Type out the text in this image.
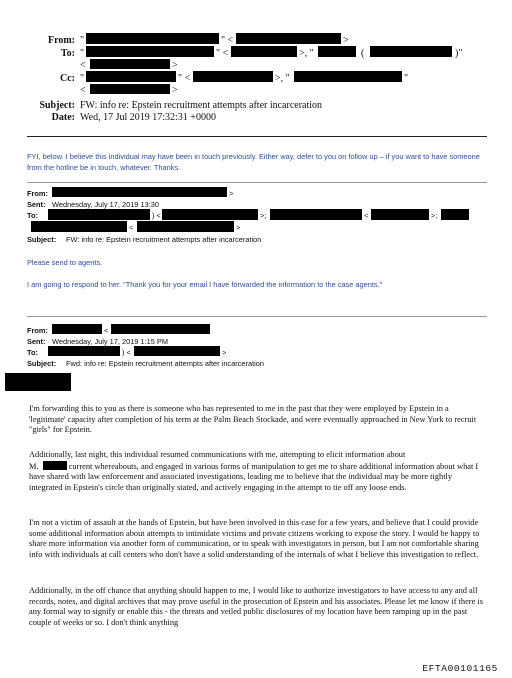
From: "	" <	>
To: "	" <	>, "	(	)"
<	>
Cc: "	" <	>, "	"
<	>
Subject: FW: info re: Epstein recruitment attempts after incarceration
Date: Wed, 17 Jul 2019 17:32:31 +0000
FYI, below. I believe this individual may have been in touch previously. Either way, defer to you on follow up – if you want to have someone from the hotline be in touch, whatever. Thanks.
From:	>
Sent: Wednesday, July 17, 2019 13:30
To:	) <	>;	<	>;
<	>
Subject: FW: info re: Epstein recruitment attempts after incarceration
Please send to agents.
I am going to respond to her. "Thank you for your email I have forwarded the information to the case agents."
From:	<
Sent: Wednesday, July 17, 2019 1:15 PM
To:	) <	>
Subject: Fwd: info re: Epstein recruitment attempts after incarceration
I'm forwarding this to you as there is someone who has represented to me in the past that they were employed by Epstein in a 'legitimate' capacity after completion of his term at the Palm Beach Stockade, and were eventually approached in New York to recruit "girls" for Epstein.
Additionally, last night, this individual resumed communications with me, attempting to elicit information about
M.	current whereabouts, and engaged in various forms of manipulation to get me to share additional information about what I have shared with law enforcement and associated investigations, leading me to believe that the individual may be more tightly integrated in Epstein's circle than originally stated, and actively engaging in the attempt to tie off any loose ends.
I'm not a victim of assault at the hands of Epstein, but have been involved in this case for a few years, and believe that I could provide some additional information about attempts to intimidate victims and private citizens working to expose the story. I would be happy to share more information via another form of communication, or to speak with investigators in person, but I am not comfortable sharing info with individuals at call centers who don't have a solid understanding of the internals of what I believe this investigation to reflect.
Additionally, in the off chance that anything should happen to me, I would like to authorize investigators to have access to any and all records, notes, and digital archives that may prove useful in the prosecution of Epstein and his associates. Please let me know if there is any formal way to signify or enable this - the threats and veiled public disclosures of my location have been ramping up in the past couple of weeks or so. I don't think anything
EFTA00101165
